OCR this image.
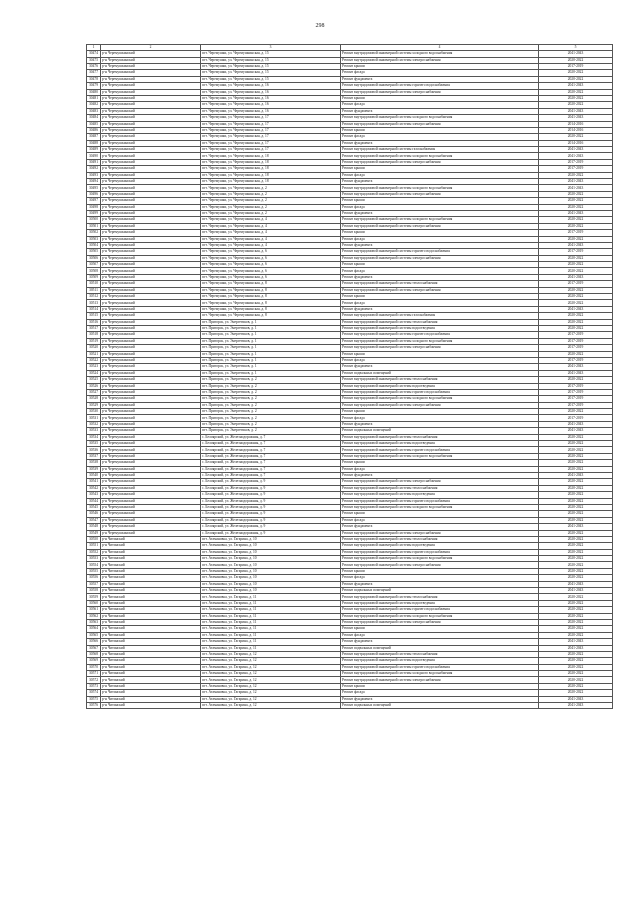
298
1	2	3	4	5
30474	р-н Черемушкинский	пгт. Черемушки, ул. Черемушкинская, д. 15	Ремонт внутридомовой инженерной системы холодного водоснабжения	2041-2043
30475	р-н Черемушкинский	пгт. Черемушки, ул. Черемушкинская, д. 15	Ремонт внутридомовой инженерной системы электроснабжения	2020-2022
30476	р-н Черемушкинский	пгт. Черемушки, ул. Черемушкинская, д. 15	Ремонт крыши	2017-2019
30477	р-н Черемушкинский	пгт. Черемушки, ул. Черемушкинская, д. 15	Ремонт фасада	2020-2022
30478	р-н Черемушкинский	пгт. Черемушки, ул. Черемушкинская, д. 15	Ремонт фундамента	2020-2022
30479	р-н Черемушкинский	пгт. Черемушки, ул. Черемушкинская, д. 16	Ремонт внутридомовой инженерной системы горячего водоснабжения	2041-2043
30480	р-н Черемушкинский	пгт. Черемушки, ул. Черемушкинская, д. 16	Ремонт внутридомовой инженерной системы электроснабжения	2020-2022
30481	р-н Черемушкинский	пгт. Черемушки, ул. Черемушкинская, д. 16	Ремонт крыши	2020-2022
30482	р-н Черемушкинский	пгт. Черемушки, ул. Черемушкинская, д. 16	Ремонт фасада	2020-2022
30483	р-н Черемушкинский	пгт. Черемушки, ул. Черемушкинская, д. 16	Ремонт фундамента	2041-2043
30484	р-н Черемушкинский	пгт. Черемушки, ул. Черемушкинская, д. 17	Ремонт внутридомовой инженерной системы холодного водоснабжения	2041-2043
30485	р-н Черемушкинский	пгт. Черемушки, ул. Черемушкинская, д. 17	Ремонт внутридомовой инженерной системы электроснабжения	2014-2016
30486	р-н Черемушкинский	пгт. Черемушки, ул. Черемушкинская, д. 17	Ремонт крыши	2014-2016
30487	р-н Черемушкинский	пгт. Черемушки, ул. Черемушкинская, д. 17	Ремонт фасада	2020-2022
30488	р-н Черемушкинский	пгт. Черемушки, ул. Черемушкинская, д. 17	Ремонт фундамента	2014-2016
30489	р-н Черемушкинский	пгт. Черемушки, ул. Черемушкинская, д. 17	Ремонт внутридомовой инженерной системы газоснабжения	2041-2043
30490	р-н Черемушкинский	пгт. Черемушки, ул. Черемушкинская, д. 18	Ремонт внутридомовой инженерной системы холодного водоснабжения	2041-2043
30491	р-н Черемушкинский	пгт. Черемушки, ул. Черемушкинская, д. 18	Ремонт внутридомовой инженерной системы электроснабжения	2017-2019
30492	р-н Черемушкинский	пгт. Черемушки, ул. Черемушкинская, д. 18	Ремонт крыши	2017-2019
30493	р-н Черемушкинский	пгт. Черемушки, ул. Черемушкинская, д. 18	Ремонт фасада	2020-2022
30494	р-н Черемушкинский	пгт. Черемушки, ул. Черемушкинская, д. 18	Ремонт фундамента	2041-2043
30495	р-н Черемушкинский	пгт. Черемушки, ул. Черемушкинская, д. 2	Ремонт внутридомовой инженерной системы холодного водоснабжения	2041-2043
30496	р-н Черемушкинский	пгт. Черемушки, ул. Черемушкинская, д. 2	Ремонт внутридомовой инженерной системы электроснабжения	2020-2022
30497	р-н Черемушкинский	пгт. Черемушки, ул. Черемушкинская, д. 2	Ремонт крыши	2020-2022
30498	р-н Черемушкинский	пгт. Черемушки, ул. Черемушкинская, д. 2	Ремонт фасада	2020-2022
30499	р-н Черемушкинский	пгт. Черемушки, ул. Черемушкинская, д. 2	Ремонт фундамента	2041-2043
30500	р-н Черемушкинский	пгт. Черемушки, ул. Черемушкинская, д. 4	Ремонт внутридомовой инженерной системы холодного водоснабжения	2020-2022
30501	р-н Черемушкинский	пгт. Черемушки, ул. Черемушкинская, д. 4	Ремонт внутридомовой инженерной системы электроснабжения	2020-2022
30502	р-н Черемушкинский	пгт. Черемушки, ул. Черемушкинская, д. 4	Ремонт крыши	2017-2019
30503	р-н Черемушкинский	пгт. Черемушки, ул. Черемушкинская, д. 4	Ремонт фасада	2020-2022
30504	р-н Черемушкинский	пгт. Черемушки, ул. Черемушкинская, д. 4	Ремонт фундамента	2041-2043
30505	р-н Черемушкинский	пгт. Черемушки, ул. Черемушкинская, д. 6	Ремонт внутридомовой инженерной системы горячего водоснабжения	2017-2019
30506	р-н Черемушкинский	пгт. Черемушки, ул. Черемушкинская, д. 6	Ремонт внутридомовой инженерной системы электроснабжения	2020-2022
30507	р-н Черемушкинский	пгт. Черемушки, ул. Черемушкинская, д. 6	Ремонт крыши	2020-2022
30508	р-н Черемушкинский	пгт. Черемушки, ул. Черемушкинская, д. 6	Ремонт фасада	2020-2022
30509	р-н Черемушкинский	пгт. Черемушки, ул. Черемушкинская, д. 6	Ремонт фундамента	2041-2043
30510	р-н Черемушкинский	пгт. Черемушки, ул. Черемушкинская, д. 8	Ремонт внутридомовой инженерной системы теплоснабжения	2017-2019
30511	р-н Черемушкинский	пгт. Черемушки, ул. Черемушкинская, д. 8	Ремонт внутридомовой инженерной системы электроснабжения	2020-2022
30512	р-н Черемушкинский	пгт. Черемушки, ул. Черемушкинская, д. 8	Ремонт крыши	2020-2022
30513	р-н Черемушкинский	пгт. Черемушки, ул. Черемушкинская, д. 8	Ремонт фасада	2020-2022
30514	р-н Черемушкинский	пгт. Черемушки, ул. Черемушкинская, д. 8	Ремонт фундамента	2041-2043
30515	р-н Черемушкинский	пгт. Черемушки, ул. Черемушкинская, д. 8	Ремонт внутридомовой инженерной системы газоснабжения	2020-2022
30516	р-н Черемушкинский	пгт. Пригорск, ул. Энергетиков, д. 1	Ремонт внутридомовой инженерной системы теплоснабжения	2020-2022
30517	р-н Черемушкинский	пгт. Пригорск, ул. Энергетиков, д. 1	Ремонт внутридомовой инженерной системы водоотведения	2020-2022
30518	р-н Черемушкинский	пгт. Пригорск, ул. Энергетиков, д. 1	Ремонт внутридомовой инженерной системы горячего водоснабжения	2017-2019
30519	р-н Черемушкинский	пгт. Пригорск, ул. Энергетиков, д. 1	Ремонт внутридомовой инженерной системы холодного водоснабжения	2017-2019
30520	р-н Черемушкинский	пгт. Пригорск, ул. Энергетиков, д. 1	Ремонт внутридомовой инженерной системы электроснабжения	2017-2019
30521	р-н Черемушкинский	пгт. Пригорск, ул. Энергетиков, д. 1	Ремонт крыши	2020-2022
30522	р-н Черемушкинский	пгт. Пригорск, ул. Энергетиков, д. 1	Ремонт фасада	2017-2019
30523	р-н Черемушкинский	пгт. Пригорск, ул. Энергетиков, д. 1	Ремонт фундамента	2041-2043
30524	р-н Черемушкинский	пгт. Пригорск, ул. Энергетиков, д. 1	Ремонт подвальных помещений	2041-2043
30525	р-н Черемушкинский	пгт. Пригорск, ул. Энергетиков, д. 2	Ремонт внутридомовой инженерной системы теплоснабжения	2020-2022
30526	р-н Черемушкинский	пгт. Пригорск, ул. Энергетиков, д. 2	Ремонт внутридомовой инженерной системы водоотведения	2017-2019
30527	р-н Черемушкинский	пгт. Пригорск, ул. Энергетиков, д. 2	Ремонт внутридомовой инженерной системы горячего водоснабжения	2017-2019
30528	р-н Черемушкинский	пгт. Пригорск, ул. Энергетиков, д. 2	Ремонт внутридомовой инженерной системы холодного водоснабжения	2017-2019
30529	р-н Черемушкинский	пгт. Пригорск, ул. Энергетиков, д. 2	Ремонт внутридомовой инженерной системы электроснабжения	2017-2019
30530	р-н Черемушкинский	пгт. Пригорск, ул. Энергетиков, д. 2	Ремонт крыши	2020-2022
30531	р-н Черемушкинский	пгт. Пригорск, ул. Энергетиков, д. 2	Ремонт фасада	2017-2019
30532	р-н Черемушкинский	пгт. Пригорск, ул. Энергетиков, д. 2	Ремонт фундамента	2041-2043
30533	р-н Черемушкинский	пгт. Пригорск, ул. Энергетиков, д. 2	Ремонт подвальных помещений	2041-2043
30534	р-н Черемушкинский	с. Белоярский, ул. Железнодорожная, д. 7	Ремонт внутридомовой инженерной системы теплоснабжения	2020-2022
30535	р-н Черемушкинский	с. Белоярский, ул. Железнодорожная, д. 7	Ремонт внутридомовой инженерной системы водоотведения	2020-2022
30536	р-н Черемушкинский	с. Белоярский, ул. Железнодорожная, д. 7	Ремонт внутридомовой инженерной системы горячего водоснабжения	2020-2022
30537	р-н Черемушкинский	с. Белоярский, ул. Железнодорожная, д. 7	Ремонт внутридомовой инженерной системы холодного водоснабжения	2020-2022
30538	р-н Черемушкинский	с. Белоярский, ул. Железнодорожная, д. 7	Ремонт крыши	2020-2022
30539	р-н Черемушкинский	с. Белоярский, ул. Железнодорожная, д. 7	Ремонт фасада	2020-2022
30540	р-н Черемушкинский	с. Белоярский, ул. Железнодорожная, д. 7	Ремонт фундамента	2041-2043
30541	р-н Черемушкинский	с. Белоярский, ул. Железнодорожная, д. 9	Ремонт внутридомовой инженерной системы электроснабжения	2020-2022
30542	р-н Черемушкинский	с. Белоярский, ул. Железнодорожная, д. 9	Ремонт внутридомовой инженерной системы теплоснабжения	2020-2022
30543	р-н Черемушкинский	с. Белоярский, ул. Железнодорожная, д. 9	Ремонт внутридомовой инженерной системы водоотведения	2020-2022
30544	р-н Черемушкинский	с. Белоярский, ул. Железнодорожная, д. 9	Ремонт внутридомовой инженерной системы горячего водоснабжения	2020-2022
30545	р-н Черемушкинский	с. Белоярский, ул. Железнодорожная, д. 9	Ремонт внутридомовой инженерной системы холодного водоснабжения	2020-2022
30546	р-н Черемушкинский	с. Белоярский, ул. Железнодорожная, д. 9	Ремонт крыши	2020-2022
30547	р-н Черемушкинский	с. Белоярский, ул. Железнодорожная, д. 9	Ремонт фасада	2020-2022
30548	р-н Черемушкинский	с. Белоярский, ул. Железнодорожная, д. 9	Ремонт фундамента	2041-2043
30549	р-н Черемушкинский	с. Белоярский, ул. Железнодорожная, д. 9	Ремонт внутридомовой инженерной системы электроснабжения	2020-2022
30550	р-н Читинский	пгт. Атамановка, ул. Гагарина, д. 10	Ремонт внутридомовой инженерной системы теплоснабжения	2020-2022
30551	р-н Читинский	пгт. Атамановка, ул. Гагарина, д. 10	Ремонт внутридомовой инженерной системы водоотведения	2020-2022
30552	р-н Читинский	пгт. Атамановка, ул. Гагарина, д. 10	Ремонт внутридомовой инженерной системы горячего водоснабжения	2020-2022
30553	р-н Читинский	пгт. Атамановка, ул. Гагарина, д. 10	Ремонт внутридомовой инженерной системы холодного водоснабжения	2020-2022
30554	р-н Читинский	пгт. Атамановка, ул. Гагарина, д. 10	Ремонт внутридомовой инженерной системы электроснабжения	2020-2022
30555	р-н Читинский	пгт. Атамановка, ул. Гагарина, д. 10	Ремонт крыши	2020-2022
30556	р-н Читинский	пгт. Атамановка, ул. Гагарина, д. 10	Ремонт фасада	2020-2022
30557	р-н Читинский	пгт. Атамановка, ул. Гагарина, д. 10	Ремонт фундамента	2041-2043
30558	р-н Читинский	пгт. Атамановка, ул. Гагарина, д. 10	Ремонт подвальных помещений	2041-2043
30559	р-н Читинский	пгт. Атамановка, ул. Гагарина, д. 11	Ремонт внутридомовой инженерной системы теплоснабжения	2020-2022
30560	р-н Читинский	пгт. Атамановка, ул. Гагарина, д. 11	Ремонт внутридомовой инженерной системы водоотведения	2020-2022
30561	р-н Читинский	пгт. Атамановка, ул. Гагарина, д. 11	Ремонт внутридомовой инженерной системы горячего водоснабжения	2020-2022
30562	р-н Читинский	пгт. Атамановка, ул. Гагарина, д. 11	Ремонт внутридомовой инженерной системы холодного водоснабжения	2020-2022
30563	р-н Читинский	пгт. Атамановка, ул. Гагарина, д. 11	Ремонт внутридомовой инженерной системы электроснабжения	2020-2022
30564	р-н Читинский	пгт. Атамановка, ул. Гагарина, д. 11	Ремонт крыши	2020-2022
30565	р-н Читинский	пгт. Атамановка, ул. Гагарина, д. 11	Ремонт фасада	2020-2022
30566	р-н Читинский	пгт. Атамановка, ул. Гагарина, д. 11	Ремонт фундамента	2041-2043
30567	р-н Читинский	пгт. Атамановка, ул. Гагарина, д. 11	Ремонт подвальных помещений	2041-2043
30568	р-н Читинский	пгт. Атамановка, ул. Гагарина, д. 12	Ремонт внутридомовой инженерной системы теплоснабжения	2020-2022
30569	р-н Читинский	пгт. Атамановка, ул. Гагарина, д. 12	Ремонт внутридомовой инженерной системы водоотведения	2020-2022
30570	р-н Читинский	пгт. Атамановка, ул. Гагарина, д. 12	Ремонт внутридомовой инженерной системы горячего водоснабжения	2020-2022
30571	р-н Читинский	пгт. Атамановка, ул. Гагарина, д. 12	Ремонт внутридомовой инженерной системы холодного водоснабжения	2020-2022
30572	р-н Читинский	пгт. Атамановка, ул. Гагарина, д. 12	Ремонт внутридомовой инженерной системы электроснабжения	2020-2022
30573	р-н Читинский	пгт. Атамановка, ул. Гагарина, д. 12	Ремонт крыши	2020-2022
30574	р-н Читинский	пгт. Атамановка, ул. Гагарина, д. 12	Ремонт фасада	2020-2022
30575	р-н Читинский	пгт. Атамановка, ул. Гагарина, д. 12	Ремонт фундамента	2041-2043
30576	р-н Читинский	пгт. Атамановка, ул. Гагарина, д. 12	Ремонт подвальных помещений	2041-2043
